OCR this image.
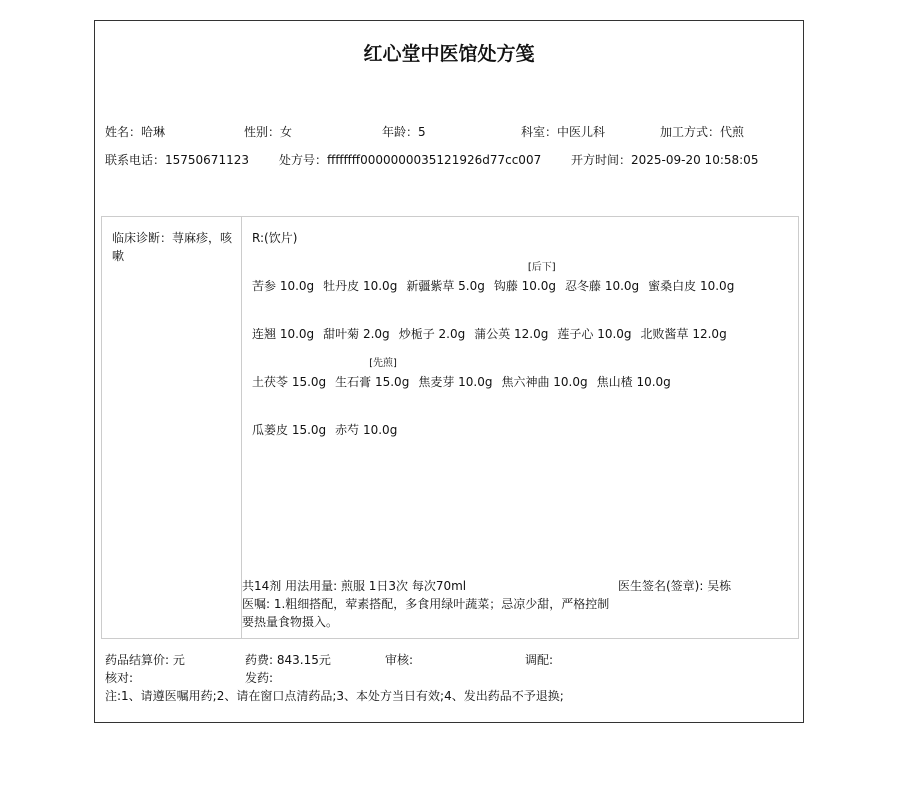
红心堂中医馆处方笺
姓名：哈琳	性别：女	年龄：5	科室：中医儿科	加工方式：代煎
联系电话：15750671123	处方号：ffffffff0000000035121926d77cc007 开方时间：2025-09-20 10:58:05
临床诊断：荨麻疹，咳嗽
R:(饮片)
苦参 10.0g 牡丹皮 10.0g 新疆紫草 5.0g 钩藤 10.0g
[后下]
忍冬藤 10.0g 蜜桑白皮 10.0g
连翘 10.0g 甜叶菊 2.0g 炒栀子 2.0g 蒲公英 12.0g 莲子心 10.0g 北败酱草 12.0g
土茯苓 15.0g 生石膏 15.0g
[先煎]
焦麦芽 10.0g 焦六神曲 10.0g 焦山楂 10.0g
瓜蒌皮 15.0g 赤芍 10.0g
共14剂 用法用量: 煎服 1日3次 每次70ml	医生签名(签章): 吴栋
医嘱: 1.粗细搭配，荤素搭配，多食用绿叶蔬菜；忌凉少甜，严格控制要热量食物摄入。
药品结算价: 元	药费: 843.15元	审核:	调配:
核对:	发药:
注:1、请遵医嘱用药;2、请在窗口点清药品;3、本处方当日有效;4、发出药品不予退换;
